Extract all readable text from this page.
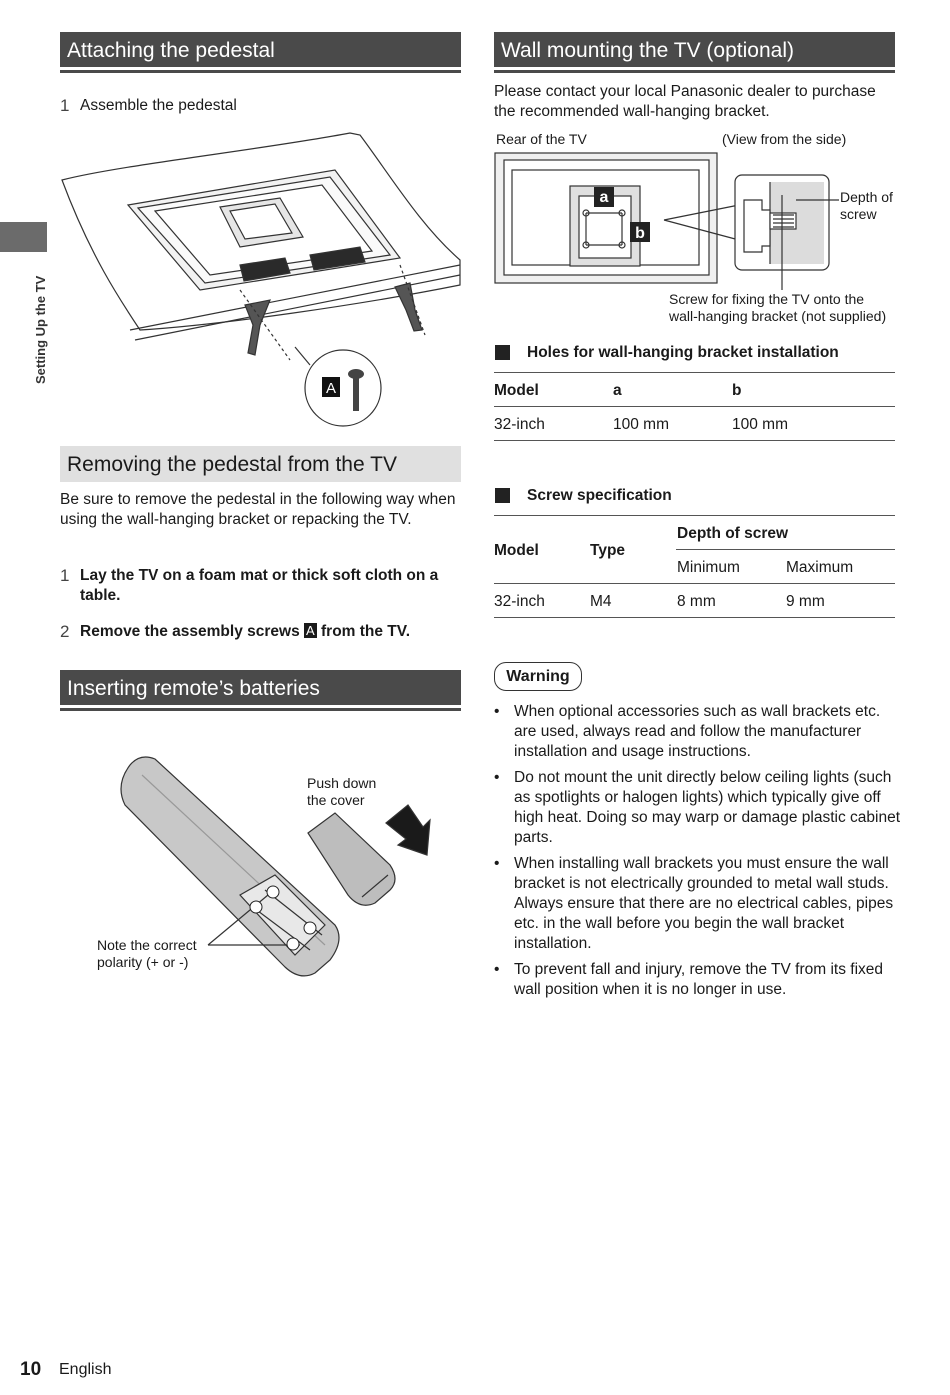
Setting Up the TV
Attaching the pedestal
1 Assemble the pedestal
A
Removing the pedestal from the TV
Be sure to remove the pedestal in the following way when using the wall-hanging bracket or repacking the TV.
1 Lay the TV on a foam mat or thick soft cloth on a table.
2 Remove the assembly screws A from the TV.
Inserting remote’s batteries
Push down
the cover
Note the correct
polarity (+ or -)
Wall mounting the TV (optional)
Please contact your local Panasonic dealer to purchase the recommended wall-hanging bracket.
Rear of the TV	(View from the side)
a
b
Depth of
screw
Screw for fixing the TV onto the
wall-hanging bracket (not supplied)
Holes for wall-hanging bracket installation
Model	a	b
32-inch	100 mm	100 mm
Screw specification
Model	Type
Depth of screw
Minimum	Maximum
32-inch	M4	8 mm	9 mm
Warning
• When optional accessories such as wall brackets etc. are used, always read and follow the manufacturer installation and usage instructions.
• Do not mount the unit directly below ceiling lights (such as spotlights or halogen lights) which typically give off high heat. Doing so may warp or damage plastic cabinet parts.
• When installing wall brackets you must ensure the wall bracket is not electrically grounded to metal wall studs. Always ensure that there are no electrical cables, pipes etc. in the wall before you begin the wall bracket installation.
• To prevent fall and injury, remove the TV from its fixed wall position when it is no longer in use.
10 English
